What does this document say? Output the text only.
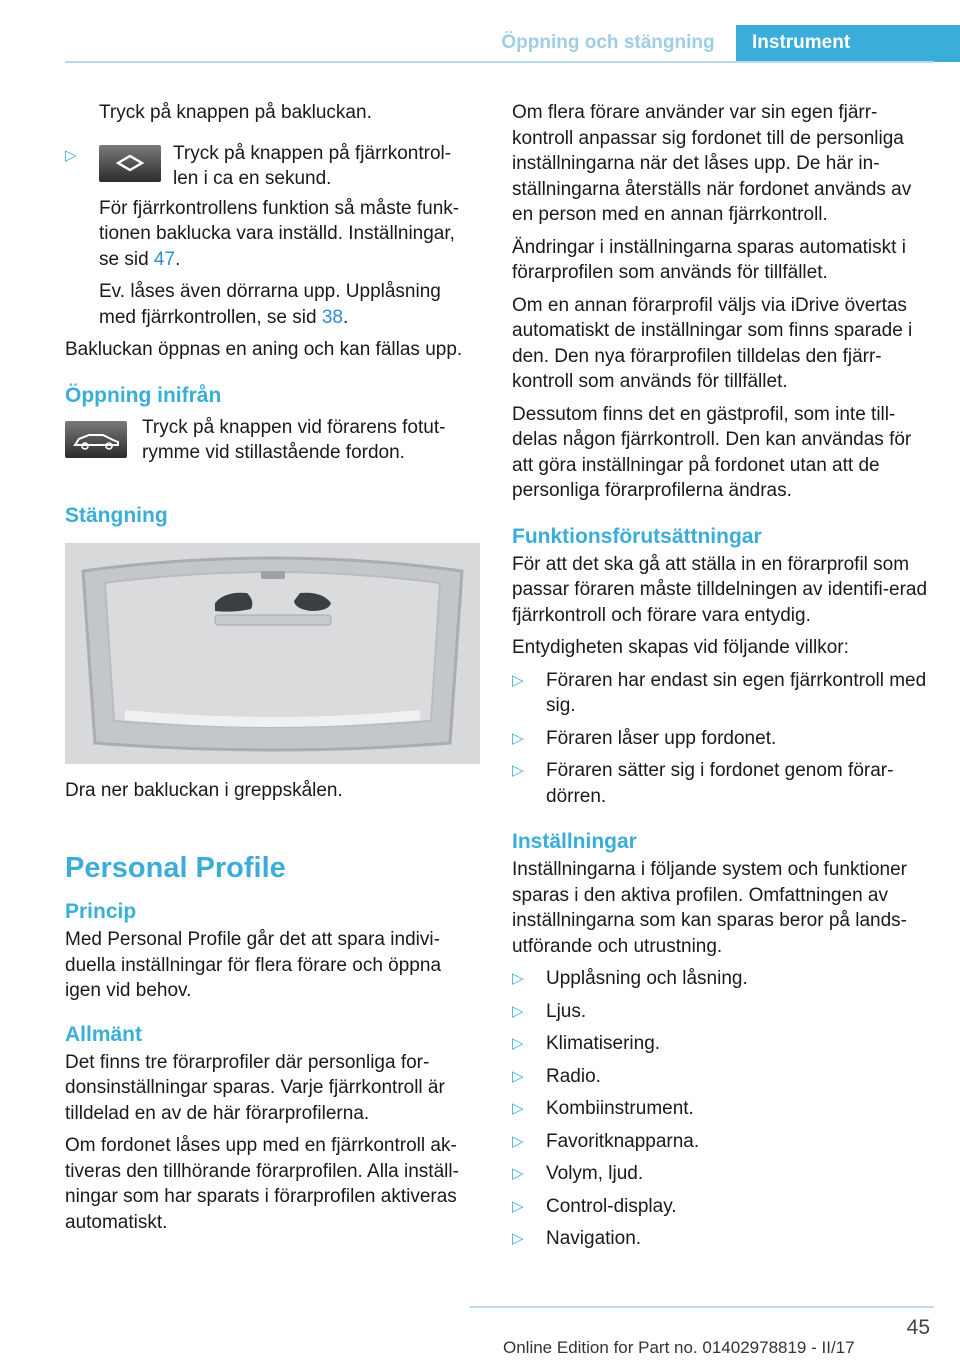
Öppning och stängning	Instrument

Tryck på knappen på bakluckan.

▷	Tryck på knappen på fjärrkontrol‐
len i ca en sekund.

För fjärrkontrollens funktion så måste funk‐tionen baklucka vara inställd. Inställningar, se sid 47.

Ev. låses även dörrarna upp. Upplåsning med fjärrkontrollen, se sid 38.

Bakluckan öppnas en aning och kan fällas upp.

Öppning inifrån
Tryck på knappen vid förarens fotut‐rymme vid stillastående fordon.
Stängning

Dra ner bakluckan i greppskålen.

Personal Profile
Princip

Med Personal Profile går det att spara indivi‐duella inställningar för flera förare och öppna igen vid behov.

Allmänt

Det finns tre förarprofiler där personliga for‐donsinställningar sparas. Varje fjärrkontroll är tilldelad en av de här förarprofilerna.

Om fordonet låses upp med en fjärrkontroll ak‐tiveras den tillhörande förarprofilen. Alla inställ‐ningar som har sparats i förarprofilen aktiveras automatiskt.

Om flera förare använder var sin egen fjärr‐kontroll anpassar sig fordonet till de personliga inställningarna när det låses upp. De här in‐ställningarna återställs när fordonet används av en person med en annan fjärrkontroll.

Ändringar i inställningarna sparas automatiskt i förarprofilen som används för tillfället.

Om en annan förarprofil väljs via iDrive övertas automatiskt de inställningar som finns sparade i den. Den nya förarprofilen tilldelas den fjärr‐kontroll som används för tillfället.

Dessutom finns det en gästprofil, som inte till‐delas någon fjärrkontroll. Den kan användas för att göra inställningar på fordonet utan att de personliga förarprofilerna ändras.

Funktionsförutsättningar

För att det ska gå att ställa in en förarprofil som passar föraren måste tilldelningen av identifi‐erad fjärrkontroll och förare vara entydig.

Entydigheten skapas vid följande villkor:

▷ Föraren har endast sin egen fjärrkontroll med sig.
▷ Föraren låser upp fordonet.
▷ Föraren sätter sig i fordonet genom förar‐dörren.
Inställningar

Inställningarna i följande system och funktioner sparas i den aktiva profilen. Omfattningen av inställningarna som kan sparas beror på lands‐utförande och utrustning.

▷ Upplåsning och låsning.
▷ Ljus.
▷ Klimatisering.
▷ Radio.
▷ Kombiinstrument.
▷ Favoritknapparna.
▷ Volym, ljud.
▷ Control-display.
▷ Navigation.
45
Online Edition for Part no. 01402978819 - II/17
